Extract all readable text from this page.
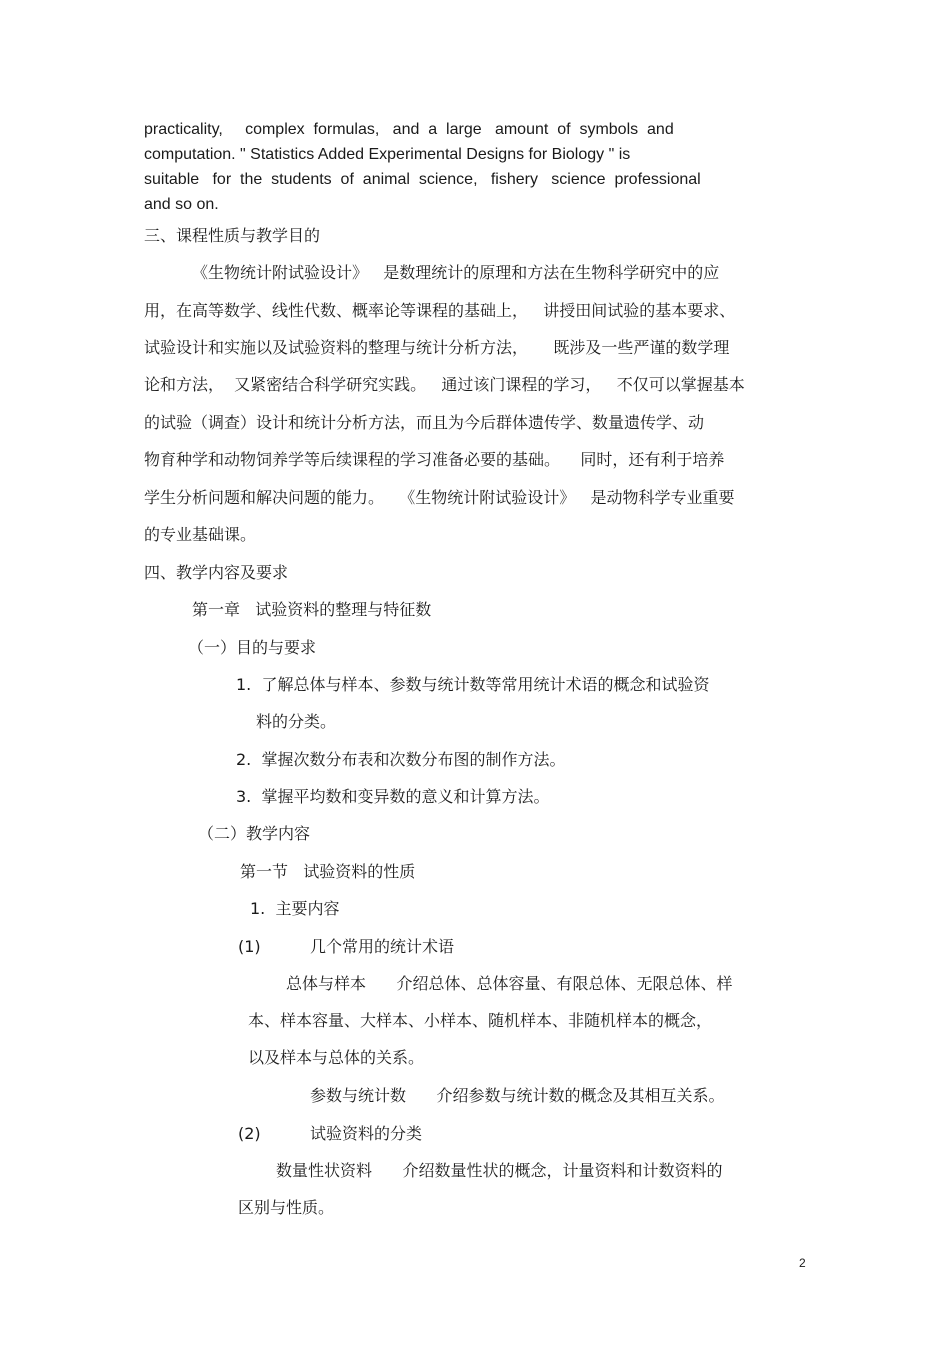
practicality,     complex  formulas,   and  a  large   amount  of  symbols  and
computation. " Statistics Added Experimental Designs for Biology " is
suitable   for  the  students  of  animal  science,   fishery   science  professional
and so on.
三、课程性质与教学目的
《生物统计附试验设计》   是数理统计的原理和方法在生物科学研究中的应
用，在高等数学、线性代数、概率论等课程的基础上，   讲授田间试验的基本要求、
试验设计和实施以及试验资料的整理与统计分析方法，     既涉及一些严谨的数学理
论和方法，  又紧密结合科学研究实践。   通过该门课程的学习，   不仅可以掌握基本
的试验（调查）设计和统计分析方法，而且为今后群体遗传学、数量遗传学、动
物育种学和动物饲养学等后续课程的学习准备必要的基础。    同时，还有利于培养
学生分析问题和解决问题的能力。   《生物统计附试验设计》   是动物科学专业重要
的专业基础课。
四、教学内容及要求
第一章   试验资料的整理与特征数
（一）目的与要求
1.  了解总体与样本、参数与统计数等常用统计术语的概念和试验资
料的分类。
2.  掌握次数分布表和次数分布图的制作方法。
3.  掌握平均数和变异数的意义和计算方法。
（二）教学内容
第一节   试验资料的性质
1.  主要内容
(1)	几个常用的统计术语
总体与样本      介绍总体、总体容量、有限总体、无限总体、样
本、样本容量、大样本、小样本、随机样本、非随机样本的概念，
以及样本与总体的关系。
参数与统计数      介绍参数与统计数的概念及其相互关系。
(2)	试验资料的分类
数量性状资料      介绍数量性状的概念，计量资料和计数资料的
区别与性质。
2
